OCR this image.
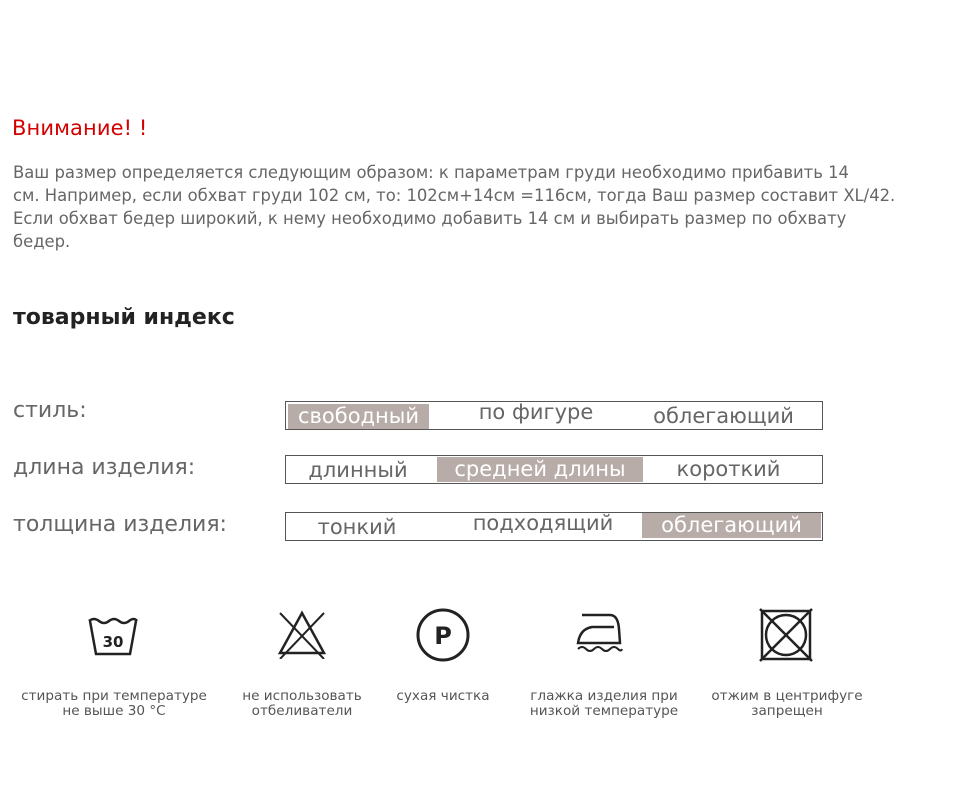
Внимание! !
Ваш размер определяется следующим образом: к параметрам груди необходимо прибавить 14
см. Например, если обхват груди 102 см, то: 102см+14см =116см, тогда Ваш размер составит XL/42.
Если обхват бедер широкий, к нему необходимо добавить 14 см и выбирать размер по обхвату
бедер.
товарный индекс
стиль:	свободный	по фигуре	облегающий
длина изделия:	длинный	средней длины	короткий
толщина изделия:	тонкий	подходящий	облегающий
30	P
стирать при температуре
не выше 30 °C
не использовать
отбеливатели
сухая чистка	глажка изделия при
низкой температуре
отжим в центрифуге
запрещен
